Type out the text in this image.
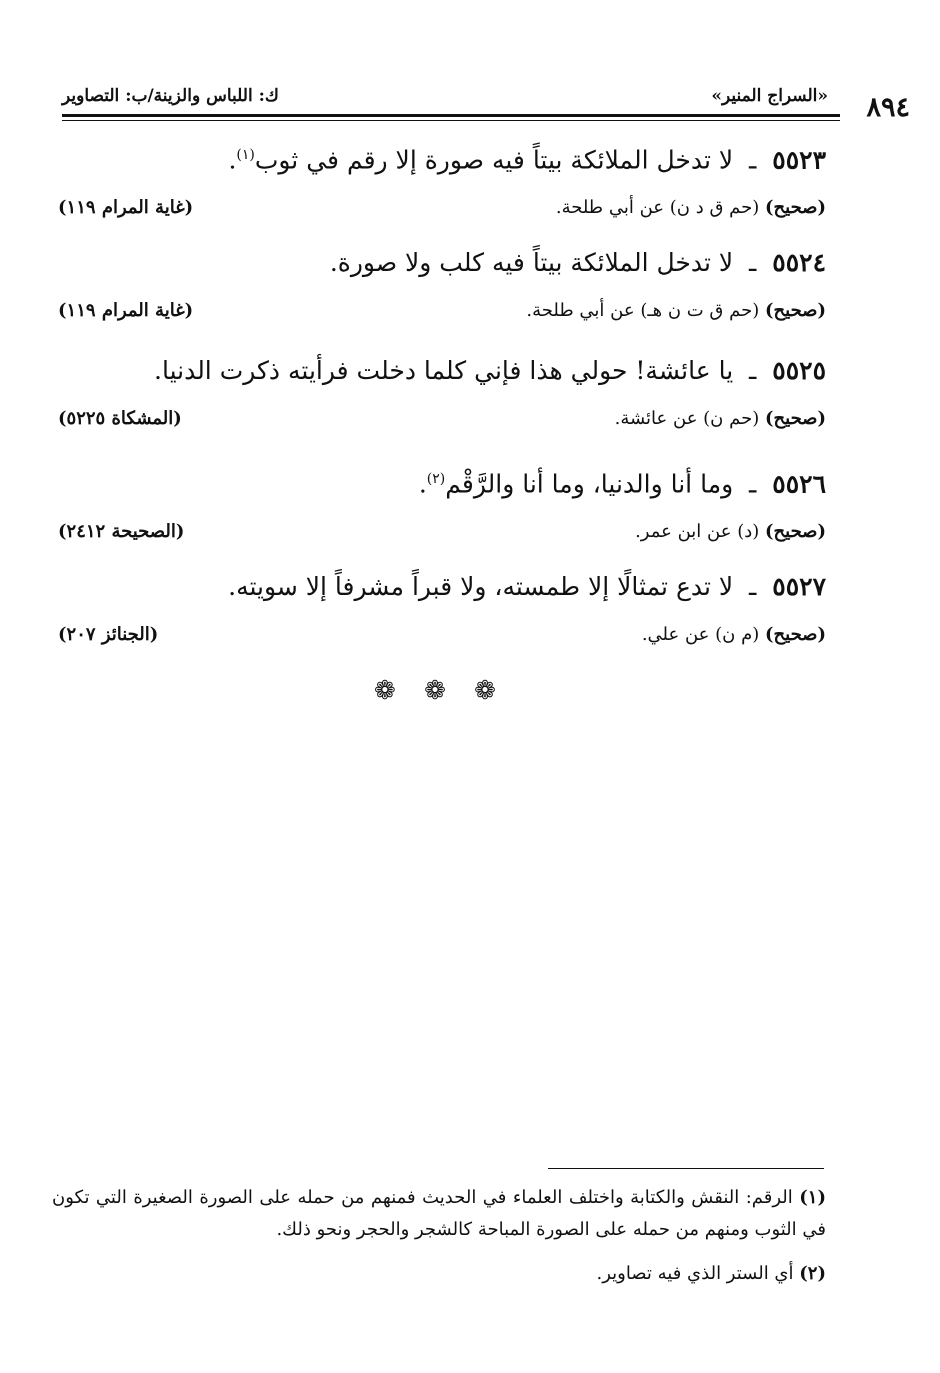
٨٩٤
«السراج المنير»
ك: اللباس والزينة/ب: التصاوير
٥٥٢٣  ـ  لا تدخل الملائكة بيتاً فيه صورة إلا رقم في ثوب$^{(١)}$.
(صحيح) (حم ق د ن) عن أبي طلحة.
(غاية المرام ١١٩)
٥٥٢٤  ـ  لا تدخل الملائكة بيتاً فيه كلب ولا صورة.
(صحيح) (حم ق ت ن هـ) عن أبي طلحة.
(غاية المرام ١١٩)
٥٥٢٥  ـ  يا عائشة! حولي هذا فإني كلما دخلت فرأيته ذكرت الدنيا.
(صحيح) (حم ن) عن عائشة.
(المشكاة ٥٢٢٥)
٥٥٢٦  ـ  وما أنا والدنيا، وما أنا والرَّقْم$^{(٢)}$.
(صحيح) (د) عن ابن عمر.
(الصحيحة ٢٤١٢)
٥٥٢٧  ـ  لا تدع تمثالًا إلا طمسته، ولا قبراً مشرفاً إلا سويته.
(صحيح) (م ن) عن علي.
(الجنائز ٢٠٧)
❁ ❁ ❁
(١) الرقم: النقش والكتابة واختلف العلماء في الحديث فمنهم من حمله على الصورة الصغيرة التي تكون في الثوب ومنهم من حمله على الصورة المباحة كالشجر والحجر ونحو ذلك.
(٢) أي الستر الذي فيه تصاوير.
